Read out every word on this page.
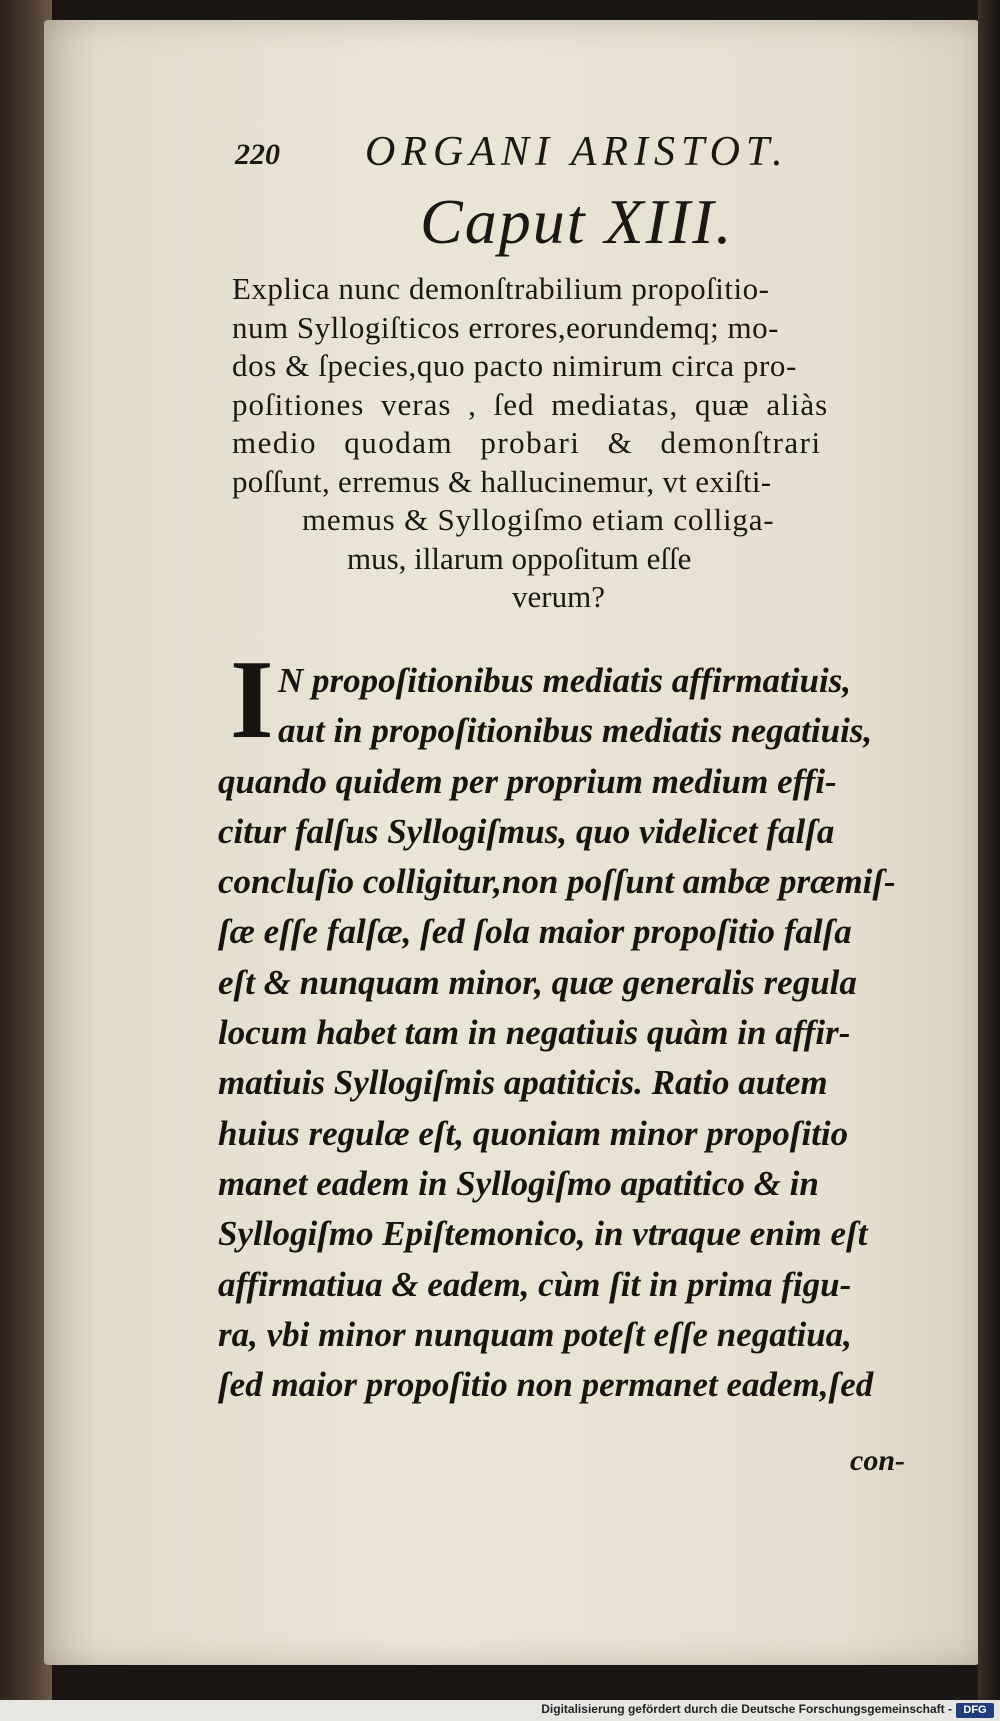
220 ORGANI ARISTOT.
Caput XIII.
Explica nunc demonſtrabilium propoſitio-
num Syllogiſticos errores,eorundemq; mo-
dos & ſpecies,quo pacto nimirum circa pro-
poſitiones veras , ſed mediatas, quæ aliàs
medio quodam probari & demonſtrari
poſſunt, erremus & hallucinemur, vt exiſti-
memus & Syllogiſmo etiam colliga-
mus, illarum oppoſitum eſſe
verum?
I N propoſitionibus mediatis affirmatiuis,
aut in propoſitionibus mediatis negatiuis,
quando quidem per proprium medium effi-
citur falſus Syllogiſmus, quo videlicet falſa
concluſio colligitur,non poſſunt ambæ præmiſ-
ſæ eſſe falſæ, ſed ſola maior propoſitio falſa
eſt & nunquam minor, quæ generalis regula
locum habet tam in negatiuis quàm in affir-
matiuis Syllogiſmis apatiticis. Ratio autem
huius regulæ eſt, quoniam minor propoſitio
manet eadem in Syllogiſmo apatitico & in
Syllogiſmo Epiſtemonico, in vtraque enim eſt
affirmatiua & eadem, cùm ſit in prima figu-
ra, vbi minor nunquam poteſt eſſe negatiua,
ſed maior propoſitio non permanet eadem,ſed
con-
Digitalisierung gefördert durch die Deutsche Forschungsgemeinschaft -	DFG
